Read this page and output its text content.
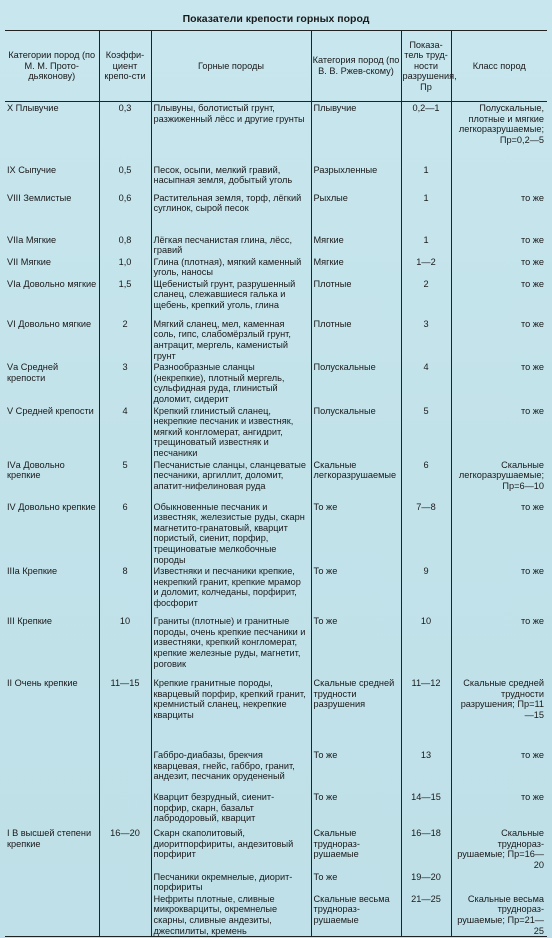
Показатели крепости горных пород
Категории пород (по М. М. Прото-дьяконову)	Коэффи-циент крепо-сти	Горные породы	Категория пород (по В. В. Ржев-скому)	Показа-тель труд-ности разрушения, Пр	Класс пород
X Плывучие	0,3	Плывуны, болотистый грунт, разжиженный лёсс и другие грунты	Плывучие	0,2—1	Полускальные, плотные и мягкие легкоразрушаемые; Пр=0,2—5
IX Сыпучие	0,5	Песок, осыпи, мелкий гравий, насыпная земля, добытый уголь	Разрыхленные	1	
VIII Землистые	0,6	Растительная земля, торф, лёгкий суглинок, сырой песок	Рыхлые	1	то же
VIIа Мягкие	0,8	Лёгкая песчанистая глина, лёсс, гравий	Мягкие	1	то же
VII Мягкие	1,0	Глина (плотная), мягкий каменный уголь, наносы	Мягкие	1—2	то же
VIа Довольно мягкие	1,5	Щебенистый грунт, разрушенный сланец, слежавшиеся галька и щебень, крепкий уголь, глина	Плотные	2	то же
VI Довольно мягкие	2	Мягкий сланец, мел, каменная соль, гипс, слабомёрзлый грунт, антрацит, мергель, каменистый грунт	Плотные	3	то же
Vа Средней крепости	3	Разнообразные сланцы (некрепкие), плотный мергель, сульфидная руда, глинистый доломит, сидерит	Полускальные	4	то же
V Средней крепости	4	Крепкий глинистый сланец, некрепкие песчаник и известняк, мягкий конгломерат, ангидрит, трещиноватый известняк и песчаники	Полускальные	5	то же
IVа Довольно крепкие	5	Песчанистые сланцы, сланцеватые песчаники, аргиллит, доломит, апатит-нифелиновая руда	Скальные легкоразрушаемые	6	Скальные легкоразрушаемые; Пр=6—10
IV Довольно крепкие	6	Обыкновенные песчаник и известняк, железистые руды, скарн магнетито-гранатовый, кварцит пористый, сиенит, порфир, трещиноватые мелкобочные породы	То же	7—8	то же
IIIа Крепкие	8	Известняки и песчаники крепкие, некрепкий гранит, крепкие мрамор и доломит, колчеданы, порфирит, фосфорит	То же	9	то же
III Крепкие	10	Граниты (плотные) и гранитные породы, очень крепкие песчаники и известняки, крепкий конгломерат, крепкие железные руды, магнетит, роговик	То же	10	то же
II Очень крепкие	11—15	Крепкие гранитные породы, кварцевый порфир, крепкий гранит, кремнистый сланец, некрепкие кварциты	Скальные средней трудности разрушения	11—12	Скальные средней трудности разрушения; Пр=11—15
		Габбро-диабазы, брекчия кварцевая, гнейс, габбро, гранит, андезит, песчаник орудененый	То же	13	то же
		Кварцит безрудный, сиенит-порфир, скарн, базальт лабродоровый, кварцит	То же	14—15	то же
I В высшей степени крепкие	16—20	Скарн скаполитовый, диоритпорфириты, андезитовый порфирит	Скальные труднораз-рушаемые	16—18	Скальные труднораз-рушаемые; Пр=16—20
		Песчаники окремнелые, диорит-порфириты	То же	19—20	
		Нефриты плотные, сливные микрокварциты, окремнелые скарны, сливные андезиты, джеспилиты, кремень	Скальные весьма труднораз-рушаемые	21—25	Скальные весьма труднораз-рушаемые; Пр=21—25
